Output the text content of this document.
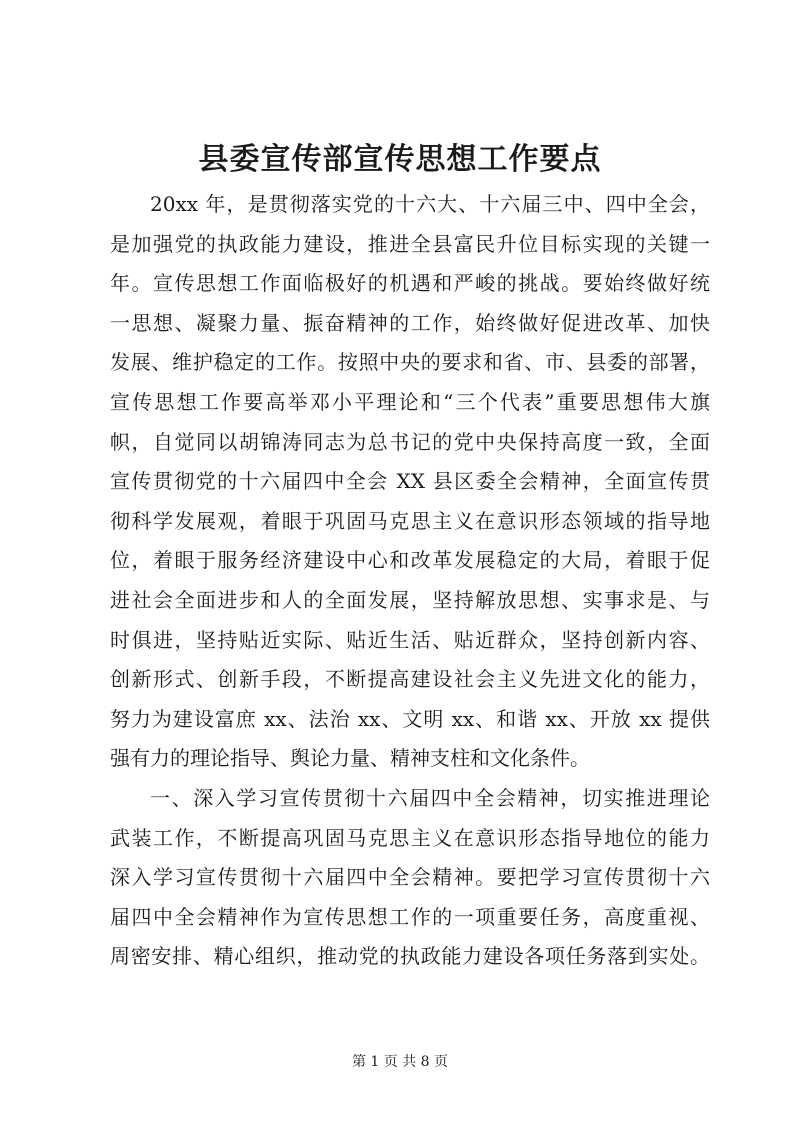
县委宣传部宣传思想工作要点
20xx 年，是贯彻落实党的十六大、十六届三中、四中全会，
是加强党的执政能力建设，推进全县富民升位目标实现的关键一
年。宣传思想工作面临极好的机遇和严峻的挑战。要始终做好统
一思想、凝聚力量、振奋精神的工作，始终做好促进改革、加快
发展、维护稳定的工作。按照中央的要求和省、市、县委的部署，
宣传思想工作要高举邓小平理论和“三个代表”重要思想伟大旗
帜，自觉同以胡锦涛同志为总书记的党中央保持高度一致，全面
宣传贯彻党的十六届四中全会 XX 县区委全会精神，全面宣传贯
彻科学发展观，着眼于巩固马克思主义在意识形态领域的指导地
位，着眼于服务经济建设中心和改革发展稳定的大局，着眼于促
进社会全面进步和人的全面发展，坚持解放思想、实事求是、与
时俱进，坚持贴近实际、贴近生活、贴近群众，坚持创新内容、
创新形式、创新手段，不断提高建设社会主义先进文化的能力，
努力为建设富庶 xx、法治 xx、文明 xx、和谐 xx、开放 xx 提供
强有力的理论指导、舆论力量、精神支柱和文化条件。
一、深入学习宣传贯彻十六届四中全会精神，切实推进理论
武装工作，不断提高巩固马克思主义在意识形态指导地位的能力
深入学习宣传贯彻十六届四中全会精神。要把学习宣传贯彻十六
届四中全会精神作为宣传思想工作的一项重要任务，高度重视、
周密安排、精心组织，推动党的执政能力建设各项任务落到实处。
第 1 页 共 8 页
